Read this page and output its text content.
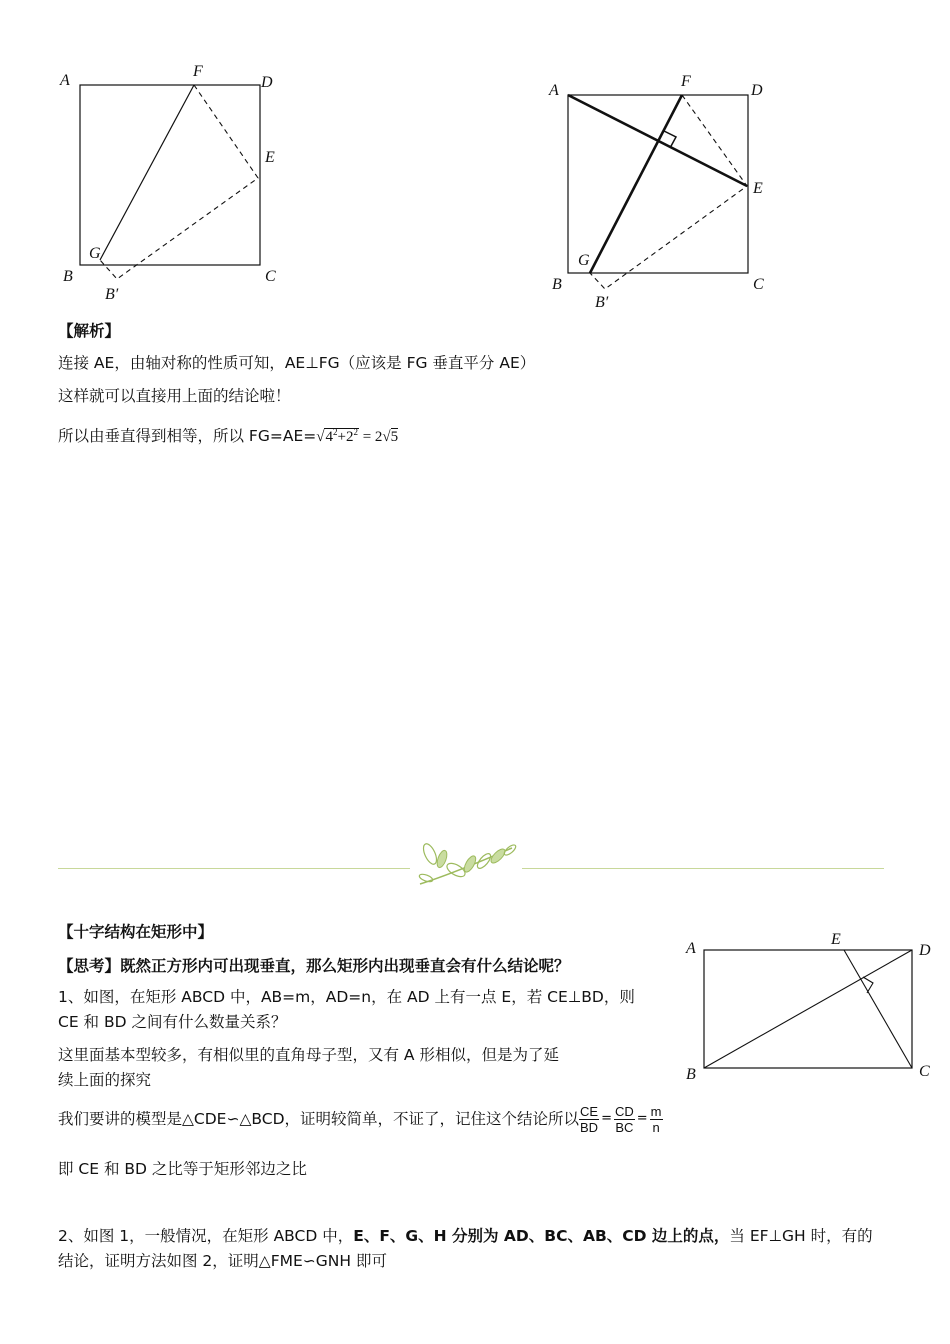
A
F
D
E
G
B	C
B′
A
F
D
E
G
B	C
B′
【解析】
连接 AE，由轴对称的性质可知，AE⊥FG（应该是 FG 垂直平分 AE）
这样就可以直接用上面的结论啦！
所以由垂直得到相等，所以 $FG=AE=√4^2+2^2 = 2√5$
【十字结构在矩形中】
【思考】既然正方形内可出现垂直，那么矩形内出现垂直会有什么结论呢？
1、如图，在矩形 ABCD 中，AB=m，AD=n，在 AD 上有一点 E，若 CE⊥BD，则
CE 和 BD 之间有什么数量关系？
这里面基本型较多，有相似里的直角母子型，又有 A 形相似，但是为了延
续上面的探究
A
E
D
B	C
我们要讲的模型是△CDE∽△BCD，证明较简单，不证了，记住这个结论所以 $\frac{CE}{BD} = \frac{CD}{BC} = \frac{m}{n}$
即 CE 和 BD 之比等于矩形邻边之比
2、如图 1，一般情况，在矩形 ABCD 中，E、F、G、H 分别为 AD、BC、AB、CD 边上的点，当 EF⊥GH 时，有的
结论，证明方法如图 2，证明△FME∽GNH 即可
